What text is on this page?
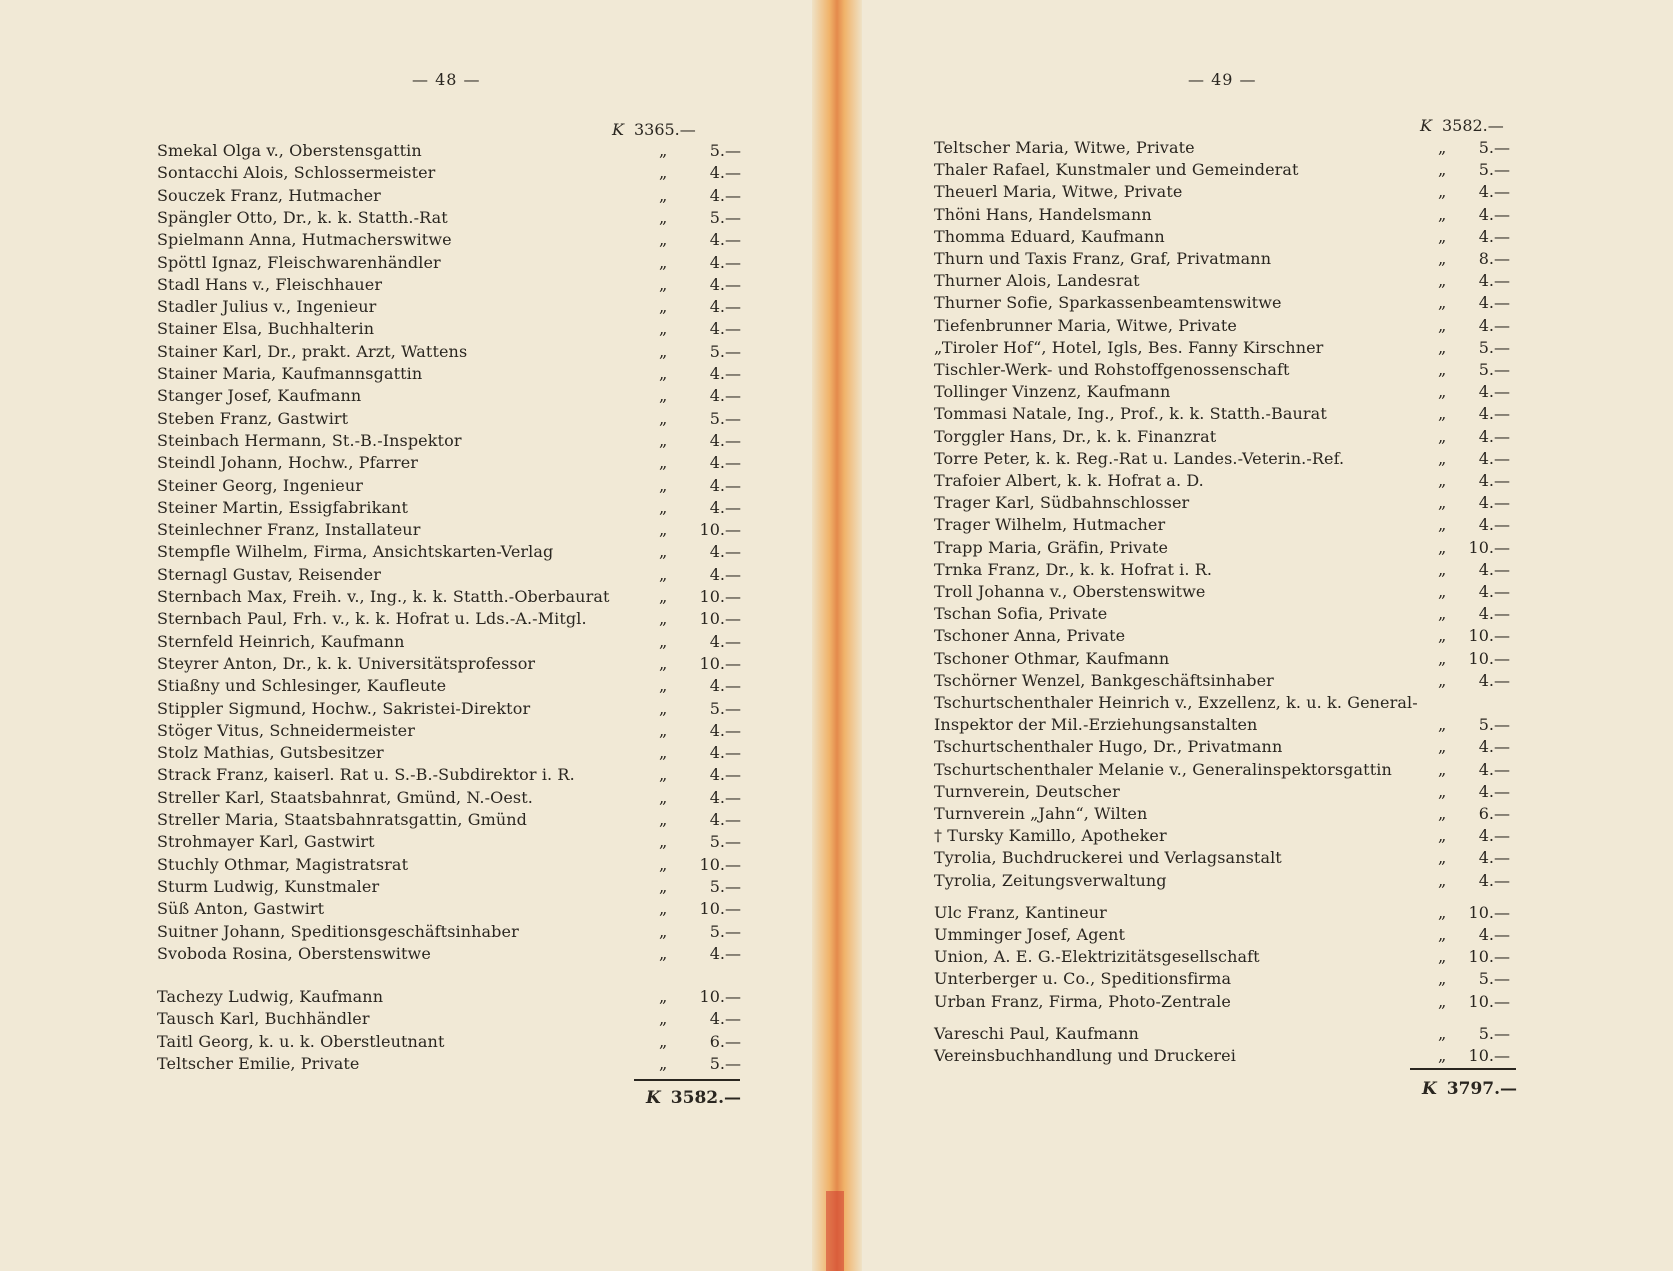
— 48 —
K 3365.—
Smekal Olga v., Oberstensgattin	„	5.—
Sontacchi Alois, Schlossermeister	„	4.—
Souczek Franz, Hutmacher	„	4.—
Spängler Otto, Dr., k. k. Statth.-Rat	„	5.—
Spielmann Anna, Hutmacherswitwe	„	4.—
Spöttl Ignaz, Fleischwarenhändler	„	4.—
Stadl Hans v., Fleischhauer	„	4.—
Stadler Julius v., Ingenieur	„	4.—
Stainer Elsa, Buchhalterin	„	4.—
Stainer Karl, Dr., prakt. Arzt, Wattens	„	5.—
Stainer Maria, Kaufmannsgattin	„	4.—
Stanger Josef, Kaufmann	„	4.—
Steben Franz, Gastwirt	„	5.—
Steinbach Hermann, St.-B.-Inspektor	„	4.—
Steindl Johann, Hochw., Pfarrer	„	4.—
Steiner Georg, Ingenieur	„	4.—
Steiner Martin, Essigfabrikant	„	4.—
Steinlechner Franz, Installateur	„	10.—
Stempfle Wilhelm, Firma, Ansichtskarten-Verlag	„	4.—
Sternagl Gustav, Reisender	„	4.—
Sternbach Max, Freih. v., Ing., k. k. Statth.-Oberbaurat	„	10.—
Sternbach Paul, Frh. v., k. k. Hofrat u. Lds.-A.-Mitgl.	„	10.—
Sternfeld Heinrich, Kaufmann	„	4.—
Steyrer Anton, Dr., k. k. Universitätsprofessor	„	10.—
Stiaßny und Schlesinger, Kaufleute	„	4.—
Stippler Sigmund, Hochw., Sakristei-Direktor	„	5.—
Stöger Vitus, Schneidermeister	„	4.—
Stolz Mathias, Gutsbesitzer	„	4.—
Strack Franz, kaiserl. Rat u. S.-B.-Subdirektor i. R.	„	4.—
Streller Karl, Staatsbahnrat, Gmünd, N.-Oest.	„	4.—
Streller Maria, Staatsbahnratsgattin, Gmünd	„	4.—
Strohmayer Karl, Gastwirt	„	5.—
Stuchly Othmar, Magistratsrat	„	10.—
Sturm Ludwig, Kunstmaler	„	5.—
Süß Anton, Gastwirt	„	10.—
Suitner Johann, Speditionsgeschäftsinhaber	„	5.—
Svoboda Rosina, Oberstenswitwe	„	4.—
Tachezy Ludwig, Kaufmann	„	10.—
Tausch Karl, Buchhändler	„	4.—
Taitl Georg, k. u. k. Oberstleutnant	„	6.—
Teltscher Emilie, Private	„	5.—
K 3582.—
— 49 —
K 3582.—
Teltscher Maria, Witwe, Private	„	5.—
Thaler Rafael, Kunstmaler und Gemeinderat	„	5.—
Theuerl Maria, Witwe, Private	„	4.—
Thöni Hans, Handelsmann	„	4.—
Thomma Eduard, Kaufmann	„	4.—
Thurn und Taxis Franz, Graf, Privatmann	„	8.—
Thurner Alois, Landesrat	„	4.—
Thurner Sofie, Sparkassenbeamtenswitwe	„	4.—
Tiefenbrunner Maria, Witwe, Private	„	4.—
„Tiroler Hof“, Hotel, Igls, Bes. Fanny Kirschner	„	5.—
Tischler-Werk- und Rohstoffgenossenschaft	„	5.—
Tollinger Vinzenz, Kaufmann	„	4.—
Tommasi Natale, Ing., Prof., k. k. Statth.-Baurat	„	4.—
Torggler Hans, Dr., k. k. Finanzrat	„	4.—
Torre Peter, k. k. Reg.-Rat u. Landes.-Veterin.-Ref.	„	4.—
Trafoier Albert, k. k. Hofrat a. D.	„	4.—
Trager Karl, Südbahnschlosser	„	4.—
Trager Wilhelm, Hutmacher	„	4.—
Trapp Maria, Gräfin, Private	„	10.—
Trnka Franz, Dr., k. k. Hofrat i. R.	„	4.—
Troll Johanna v., Oberstenswitwe	„	4.—
Tschan Sofia, Private	„	4.—
Tschoner Anna, Private	„	10.—
Tschoner Othmar, Kaufmann	„	10.—
Tschörner Wenzel, Bankgeschäftsinhaber	„	4.—
Tschurtschenthaler Heinrich v., Exzellenz, k. u. k. General-
Inspektor der Mil.-Erziehungsanstalten	„	5.—
Tschurtschenthaler Hugo, Dr., Privatmann	„	4.—
Tschurtschenthaler Melanie v., Generalinspektorsgattin	„	4.—
Turnverein, Deutscher	„	4.—
Turnverein „Jahn“, Wilten	„	6.—
† Tursky Kamillo, Apotheker	„	4.—
Tyrolia, Buchdruckerei und Verlagsanstalt	„	4.—
Tyrolia, Zeitungsverwaltung	„	4.—
Ulc Franz, Kantineur	„	10.—
Umminger Josef, Agent	„	4.—
Union, A. E. G.-Elektrizitätsgesellschaft	„	10.—
Unterberger u. Co., Speditionsfirma	„	5.—
Urban Franz, Firma, Photo-Zentrale	„	10.—
Vareschi Paul, Kaufmann	„	5.—
Vereinsbuchhandlung und Druckerei	„	10.—
K 3797.—
